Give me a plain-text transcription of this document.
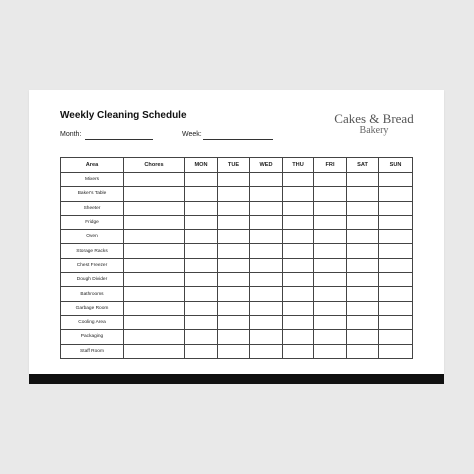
Weekly Cleaning Schedule	Cakes & Bread
Bakery
Month:	Week:
Area	Chores	MON	TUE	WED	THU	FRI	SAT	SUN
Mixers								
Baker's Table								
Sheeter								
Fridge								
Oven								
Storage Racks								
Chest Freezer								
Dough Divider								
Bathrooms								
Garbage Room								
Cooling Area								
Packaging								
Staff Room								
